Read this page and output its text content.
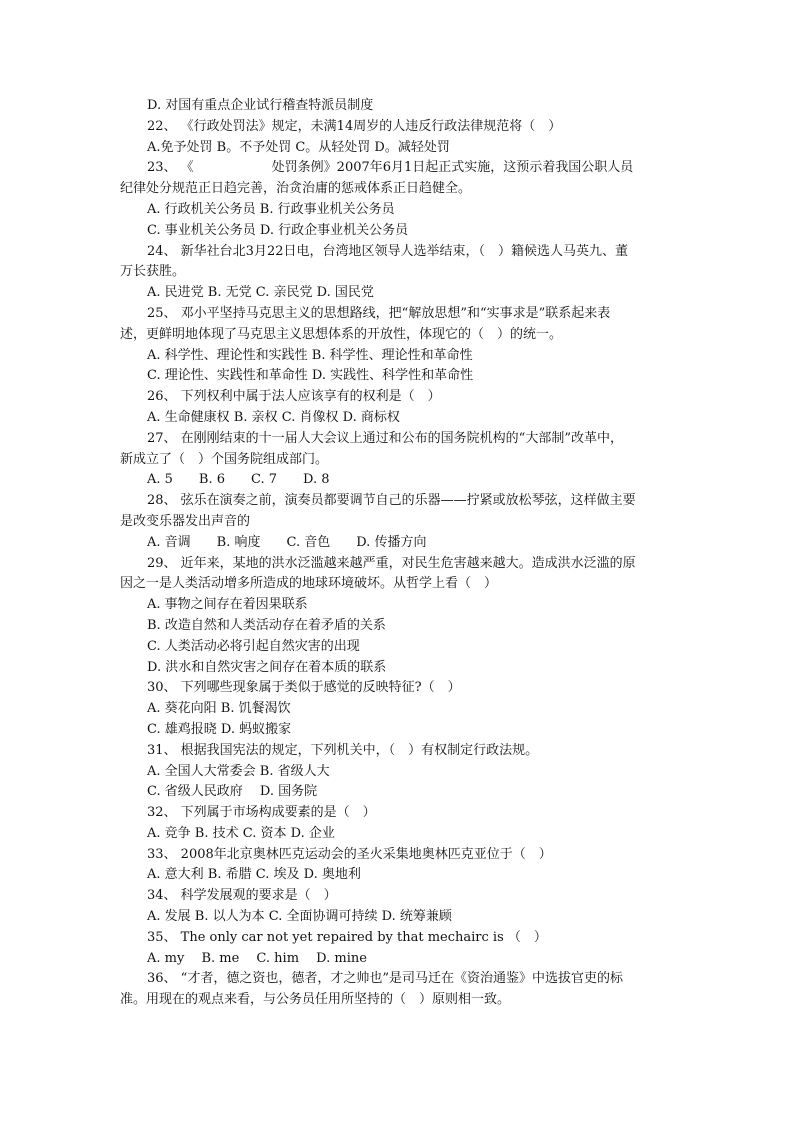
D. 对国有重点企业试行稽查特派员制度
22、 《行政处罚法》规定，未满14周岁的人违反行政法律规范将（　）
A.免予处罚 B。不予处罚 C。从轻处罚 D。减轻处罚
23、 《　　　　　　处罚条例》2007年6月1日起正式实施，这预示着我国公职人员
纪律处分规范正日趋完善，治贪治庸的惩戒体系正日趋健全。
A. 行政机关公务员 B. 行政事业机关公务员
C. 事业机关公务员 D. 行政企事业机关公务员
24、 新华社台北3月22日电，台湾地区领导人选举结束，（　）籍候选人马英九、董
万长获胜。
A. 民进党 B. 无党 C. 亲民党 D. 国民党
25、 邓小平坚持马克思主义的思想路线，把“解放思想”和“实事求是”联系起来表
述，更鲜明地体现了马克思主义思想体系的开放性，体现它的（　）的统一。
A. 科学性、理论性和实践性 B. 科学性、理论性和革命性
C. 理论性、实践性和革命性 D. 实践性、科学性和革命性
26、 下列权利中属于法人应该享有的权利是（　）
A. 生命健康权 B. 亲权 C. 肖像权 D. 商标权
27、 在刚刚结束的十一届人大会议上通过和公布的国务院机构的“大部制”改革中，
新成立了（　）个国务院组成部门。
A. 5　　B. 6　　C. 7　　D. 8
28、 弦乐在演奏之前，演奏员都要调节自己的乐器——拧紧或放松琴弦，这样做主要
是改变乐器发出声音的
A. 音调　　B. 响度　　C. 音色　　D. 传播方向
29、 近年来，某地的洪水泛滥越来越严重，对民生危害越来越大。造成洪水泛滥的原
因之一是人类活动增多所造成的地球环境破坏。从哲学上看（　）
A. 事物之间存在着因果联系
B. 改造自然和人类活动存在着矛盾的关系
C. 人类活动必将引起自然灾害的出现
D. 洪水和自然灾害之间存在着本质的联系
30、 下列哪些现象属于类似于感觉的反映特征?（　）
A. 葵花向阳 B. 饥餐渴饮
C. 雄鸡报晓 D. 蚂蚁搬家
31、 根据我国宪法的规定，下列机关中，（　）有权制定行政法规。
A. 全国人大常委会 B. 省级人大
C. 省级人民政府　 D. 国务院
32、 下列属于市场构成要素的是（　）
A. 竞争 B. 技术 C. 资本 D. 企业
33、 2008年北京奥林匹克运动会的圣火采集地奥林匹克亚位于（　）
A. 意大利 B. 希腊 C. 埃及 D. 奥地利
34、 科学发展观的要求是（　）
A. 发展 B. 以人为本 C. 全面协调可持续 D. 统筹兼顾
35、 The only car not yet repaired by that mechairc is （　）
A. my　 B. me　 C. him　 D. mine
36、 “才者，德之资也，德者，才之帅也”是司马迁在《资治通鉴》中选拔官吏的标
准。用现在的观点来看，与公务员任用所坚持的（　）原则相一致。
